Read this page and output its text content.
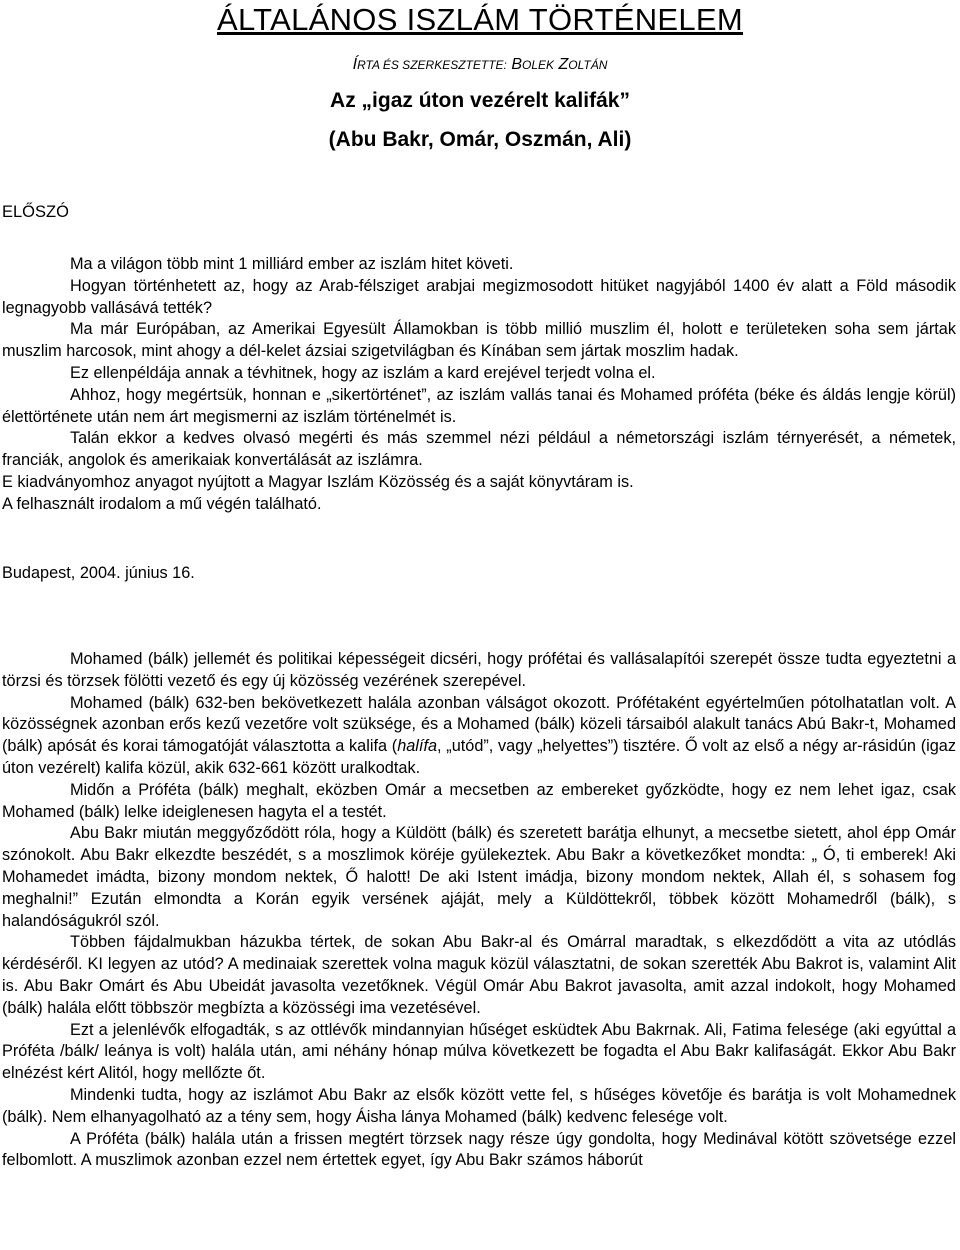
ÁLTALÁNOS ISZLÁM TÖRTÉNELEM
ÍRTA ÉS SZERKESZTETTE: BOLEK ZOLTÁN
Az „igaz úton vezérelt kalifák”
(Abu Bakr, Omár, Oszmán, Ali)
ELŐSZÓ

Ma a világon több mint 1 milliárd ember az iszlám hitet követi.

Hogyan történhetett az, hogy az Arab-félsziget arabjai megizmosodott hitüket nagyjából 1400 év alatt a Föld második legnagyobb vallásává tették?

Ma már Európában, az Amerikai Egyesült Államokban is több millió muszlim él, holott e területeken soha sem jártak muszlim harcosok, mint ahogy a dél-kelet ázsiai szigetvilágban és Kínában sem jártak moszlim hadak.

Ez ellenpéldája annak a tévhitnek, hogy az iszlám a kard erejével terjedt volna el.

Ahhoz, hogy megértsük, honnan e „sikertörténet”, az iszlám vallás tanai és Mohamed próféta (béke és áldás lengje körül) élettörténete után nem árt megismerni az iszlám történelmét is.

Talán ekkor a kedves olvasó megérti és más szemmel nézi például a németországi iszlám térnyerését, a németek, franciák, angolok és amerikaiak konvertálását az iszlámra.

E kiadványomhoz anyagot nyújtott a Magyar Iszlám Közösség és a saját könyvtáram is.

A felhasznált irodalom a mű végén található.

Budapest, 2004. június 16.

Mohamed (bálk) jellemét és politikai képességeit dicséri, hogy prófétai és vallásalapítói szerepét össze tudta egyeztetni a törzsi és törzsek fölötti vezető és egy új közösség vezérének szerepével.

Mohamed (bálk) 632-ben bekövetkezett halála azonban válságot okozott. Prófétaként egyértelműen pótolhatatlan volt. A közösségnek azonban erős kezű vezetőre volt szüksége, és a Mohamed (bálk) közeli társaiból alakult tanács Abú Bakr-t, Mohamed (bálk) apósát és korai támogatóját választotta a kalifa (halífa, „utód”, vagy „helyettes”) tisztére. Ő volt az első a négy ar-rásidún (igaz úton vezérelt) kalifa közül, akik 632-661 között uralkodtak.

Midőn a Próféta (bálk) meghalt, eközben Omár a mecsetben az embereket győzködte, hogy ez nem lehet igaz, csak Mohamed (bálk) lelke ideiglenesen hagyta el a testét.

Abu Bakr miután meggyőződött róla, hogy a Küldött (bálk) és szeretett barátja elhunyt, a mecsetbe sietett, ahol épp Omár szónokolt. Abu Bakr elkezdte beszédét, s a moszlimok köréje gyülekeztek. Abu Bakr a következőket mondta: „ Ó, ti emberek! Aki Mohamedet imádta, bizony mondom nektek, Ő halott! De aki Istent imádja, bizony mondom nektek, Allah él, s sohasem fog meghalni!” Ezután elmondta a Korán egyik versének ajáját, mely a Küldöttekről, többek között Mohamedről (bálk), s halandóságukról szól.

Többen fájdalmukban házukba tértek, de sokan Abu Bakr-al és Omárral maradtak, s elkezdődött a vita az utódlás kérdéséről. KI legyen az utód? A medinaiak szerettek volna maguk közül választatni, de sokan szerették Abu Bakrot is, valamint Alit is. Abu Bakr Omárt és Abu Ubeidát javasolta vezetőknek. Végül Omár Abu Bakrot javasolta, amit azzal indokolt, hogy Mohamed (bálk) halála előtt többször megbízta a közösségi ima vezetésével.

Ezt a jelenlévők elfogadták, s az ottlévők mindannyian hűséget esküdtek Abu Bakrnak. Ali, Fatima felesége (aki egyúttal a Próféta /bálk/ leánya is volt) halála után, ami néhány hónap múlva következett be fogadta el Abu Bakr kalifaságát. Ekkor Abu Bakr elnézést kért Alitól, hogy mellőzte őt.

Mindenki tudta, hogy az iszlámot Abu Bakr az elsők között vette fel, s hűséges követője és barátja is volt Mohamednek (bálk). Nem elhanyagolható az a tény sem, hogy Áisha lánya Mohamed (bálk) kedvenc felesége volt.

A Próféta (bálk) halála után a frissen megtért törzsek nagy része úgy gondolta, hogy Medinával kötött szövetsége ezzel felbomlott. A muszlimok azonban ezzel nem értettek egyet, így Abu Bakr számos háborút
